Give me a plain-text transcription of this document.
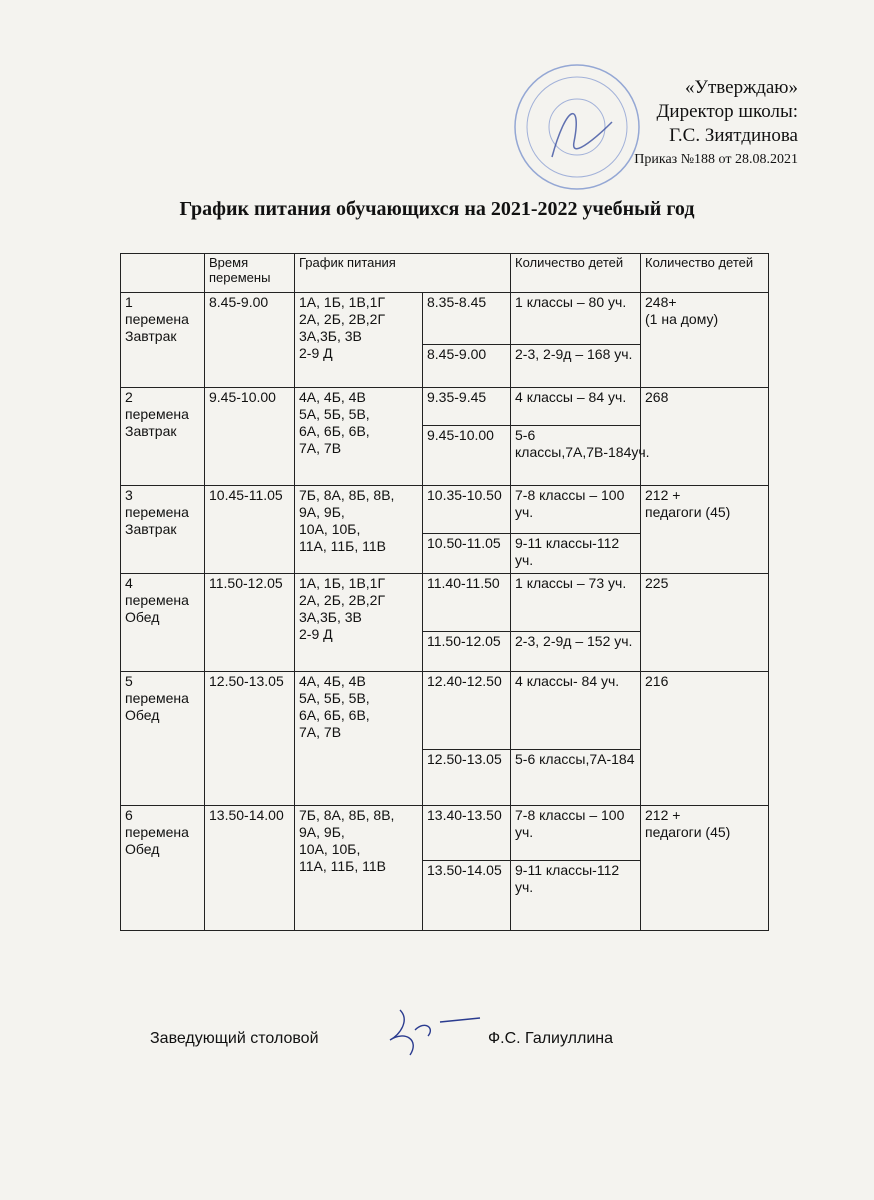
«Утверждаю»
Директор школы:
Г.С. Зиятдинова
Приказ №188 от 28.08.2021
График питания обучающихся на 2021-2022 учебный год
	Время перемены	График питания		Количество детей	Количество детей
1 перемена Завтрак	8.45-9.00	1А, 1Б, 1В,1Г
2А, 2Б, 2В,2Г
3А,3Б, 3В
2-9 Д	8.35-8.45	1 классы – 80 уч.	248+
(1 на дому)
			8.45-9.00	2-3, 2-9д – 168 уч.	
2 перемена Завтрак	9.45-10.00	4А, 4Б, 4В
5А, 5Б, 5В,
6А, 6Б, 6В,
7А, 7В	9.35-9.45	4 классы – 84 уч.	268
			9.45-10.00	5-6 классы,7А,7В-184уч.	
3 перемена Завтрак	10.45-11.05	7Б, 8А, 8Б, 8В,
9А, 9Б,
10А, 10Б,
11А, 11Б, 11В	10.35-10.50	7-8 классы – 100 уч.	212 +
педагоги (45)
			10.50-11.05	9-11 классы-112 уч.	
4 перемена Обед	11.50-12.05	1А, 1Б, 1В,1Г
2А, 2Б, 2В,2Г
3А,3Б, 3В
2-9 Д	11.40-11.50	1 классы – 73 уч.	225
			11.50-12.05	2-3, 2-9д – 152 уч.	
5 перемена Обед	12.50-13.05	4А, 4Б, 4В
5А, 5Б, 5В,
6А, 6Б, 6В,
7А, 7В	12.40-12.50	4 классы- 84 уч.	216
			12.50-13.05	5-6 классы,7А-184	
6 перемена Обед	13.50-14.00	7Б, 8А, 8Б, 8В,
9А, 9Б,
10А, 10Б,
11А, 11Б, 11В	13.40-13.50	7-8 классы – 100 уч.	212 +
педагоги (45)
			13.50-14.05	9-11 классы-112 уч.	
Заведующий столовой	Ф.С. Галиуллина
